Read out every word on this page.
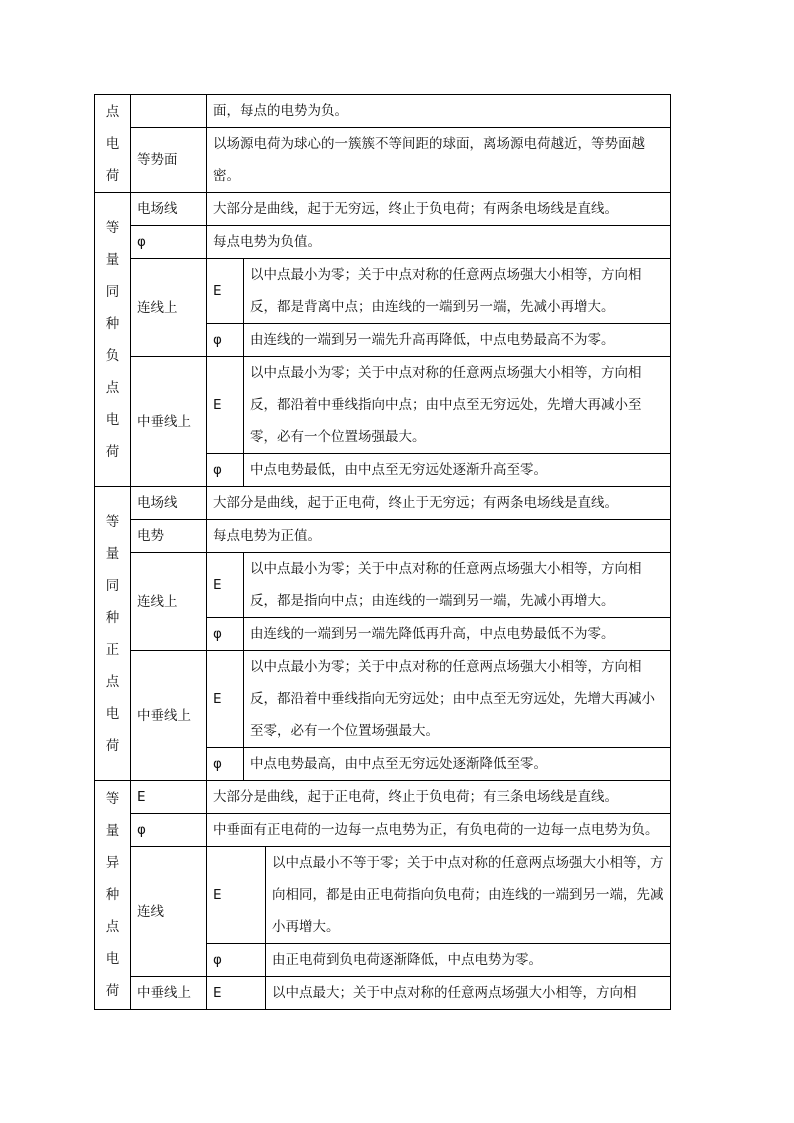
点电荷		面，每点的电势为负。		
	等势面	以场源电荷为球心的一簇簇不等间距的球面，离场源电荷越近，等势面越密。		

等量同种负点电荷	电场线	大部分是曲线，起于无穷远，终止于负电荷；有两条电场线是直线。		
	φ	每点电势为负值。		
	连线上	E	以中点最小为零；关于中点对称的任意两点场强大小相等，方向相反，都是背离中点；由连线的一端到另一端，先减小再增大。	
		φ	由连线的一端到另一端先升高再降低，中点电势最高不为零。	
	中垂线上	E	以中点最小为零；关于中点对称的任意两点场强大小相等，方向相反，都沿着中垂线指向中点；由中点至无穷远处，先增大再减小至零，必有一个位置场强最大。	
		φ	中点电势最低，由中点至无穷远处逐渐升高至零。	

等量同种正点电荷	电场线	大部分是曲线，起于正电荷，终止于无穷远；有两条电场线是直线。		
	电势	每点电势为正值。		
	连线上	E	以中点最小为零；关于中点对称的任意两点场强大小相等，方向相反，都是指向中点；由连线的一端到另一端，先减小再增大。	
		φ	由连线的一端到另一端先降低再升高，中点电势最低不为零。	
	中垂线上	E	以中点最小为零；关于中点对称的任意两点场强大小相等，方向相反，都沿着中垂线指向无穷远处；由中点至无穷远处，先增大再减小至零，必有一个位置场强最大。	
		φ	中点电势最高，由中点至无穷远处逐渐降低至零。	

等量异种点电荷	E	大部分是曲线，起于正电荷，终止于负电荷；有三条电场线是直线。		
	φ	中垂面有正电荷的一边每一点电势为正，有负电荷的一边每一点电势为负。		
	连线	E		以中点最小不等于零；关于中点对称的任意两点场强大小相等，方向相同，都是由正电荷指向负电荷；由连线的一端到另一端，先减小再增大。
		φ		由正电荷到负电荷逐渐降低，中点电势为零。
	中垂线上	E		以中点最大；关于中点对称的任意两点场强大小相等，方向相
